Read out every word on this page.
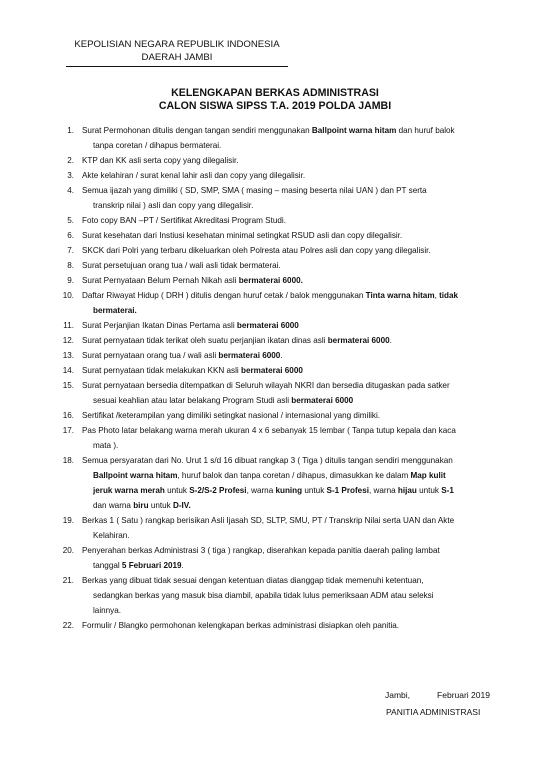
KEPOLISIAN NEGARA REPUBLIK INDONESIA
DAERAH JAMBI
KELENGKAPAN BERKAS ADMINISTRASI
CALON SISWA SIPSS T.A. 2019 POLDA JAMBI
1. Surat Permohonan ditulis dengan tangan sendiri menggunakan Ballpoint warna hitam dan huruf balok
tanpa coretan / dihapus bermaterai.
2. KTP dan KK asli serta copy yang dilegalisir.
3. Akte kelahiran / surat kenal lahir asli dan copy yang dilegalisir.
4. Semua ijazah yang dimiliki ( SD, SMP, SMA ( masing – masing beserta nilai UAN ) dan PT serta
transkrip nilai ) asli dan copy yang dilegalisir.
5. Foto copy BAN –PT / Sertifikat Akreditasi Program Studi.
6. Surat kesehatan dari Instiusi kesehatan minimal setingkat RSUD asli dan copy dilegalisir.
7. SKCK dari Polri yang terbaru dikeluarkan oleh Polresta atau Polres asli dan copy yang dilegalisir.
8. Surat persetujuan orang tua / wali asli tidak bermaterai.
9. Surat Pernyataan Belum Pernah Nikah asli bermaterai 6000.
10. Daftar Riwayat Hidup ( DRH ) ditulis dengan huruf cetak / balok menggunakan Tinta warna hitam, tidak
bermaterai.
11. Surat Perjanjian Ikatan Dinas Pertama asli bermaterai 6000
12. Surat pernyataan tidak terikat oleh suatu perjanjian ikatan dinas asli bermaterai 6000.
13. Surat pernyataan orang tua / wali asli bermaterai 6000.
14. Surat pernyataan tidak melakukan KKN asli bermaterai 6000
15. Surat pernyataan bersedia ditempatkan di Seluruh wilayah NKRI dan bersedia ditugaskan pada satker
sesuai keahlian atau latar belakang Program Studi asli bermaterai 6000
16. Sertifikat /keterampilan yang dimiliki setingkat nasional / internasional yang dimiliki.
17. Pas Photo latar belakang warna merah ukuran 4 x 6 sebanyak 15 lembar ( Tanpa tutup kepala dan kaca
mata ).
18. Semua persyaratan dari No. Urut 1 s/d 16 dibuat rangkap 3 ( Tiga ) ditulis tangan sendiri menggunakan
Ballpoint warna hitam, huruf balok dan tanpa coretan / dihapus, dimasukkan ke dalam Map kulit
jeruk warna merah untuk S-2/S-2 Profesi, warna kuning untuk S-1 Profesi, warna hijau untuk S-1
dan warna biru untuk D-IV.
19. Berkas 1 ( Satu ) rangkap berisikan Asli Ijasah SD, SLTP, SMU, PT / Transkrip Nilai serta UAN dan Akte
Kelahiran.
20. Penyerahan berkas Administrasi 3 ( tiga ) rangkap, diserahkan kepada panitia daerah paling lambat
tanggal 5 Februari 2019.
21. Berkas yang dibuat tidak sesuai dengan ketentuan diatas dianggap tidak memenuhi ketentuan,
sedangkan berkas yang masuk bisa diambil, apabila tidak lulus pemeriksaan ADM atau seleksi
lainnya.
22. Formulir / Blangko permohonan kelengkapan berkas administrasi disiapkan oleh panitia.
Jambi,	Februari 2019
PANITIA ADMINISTRASI
